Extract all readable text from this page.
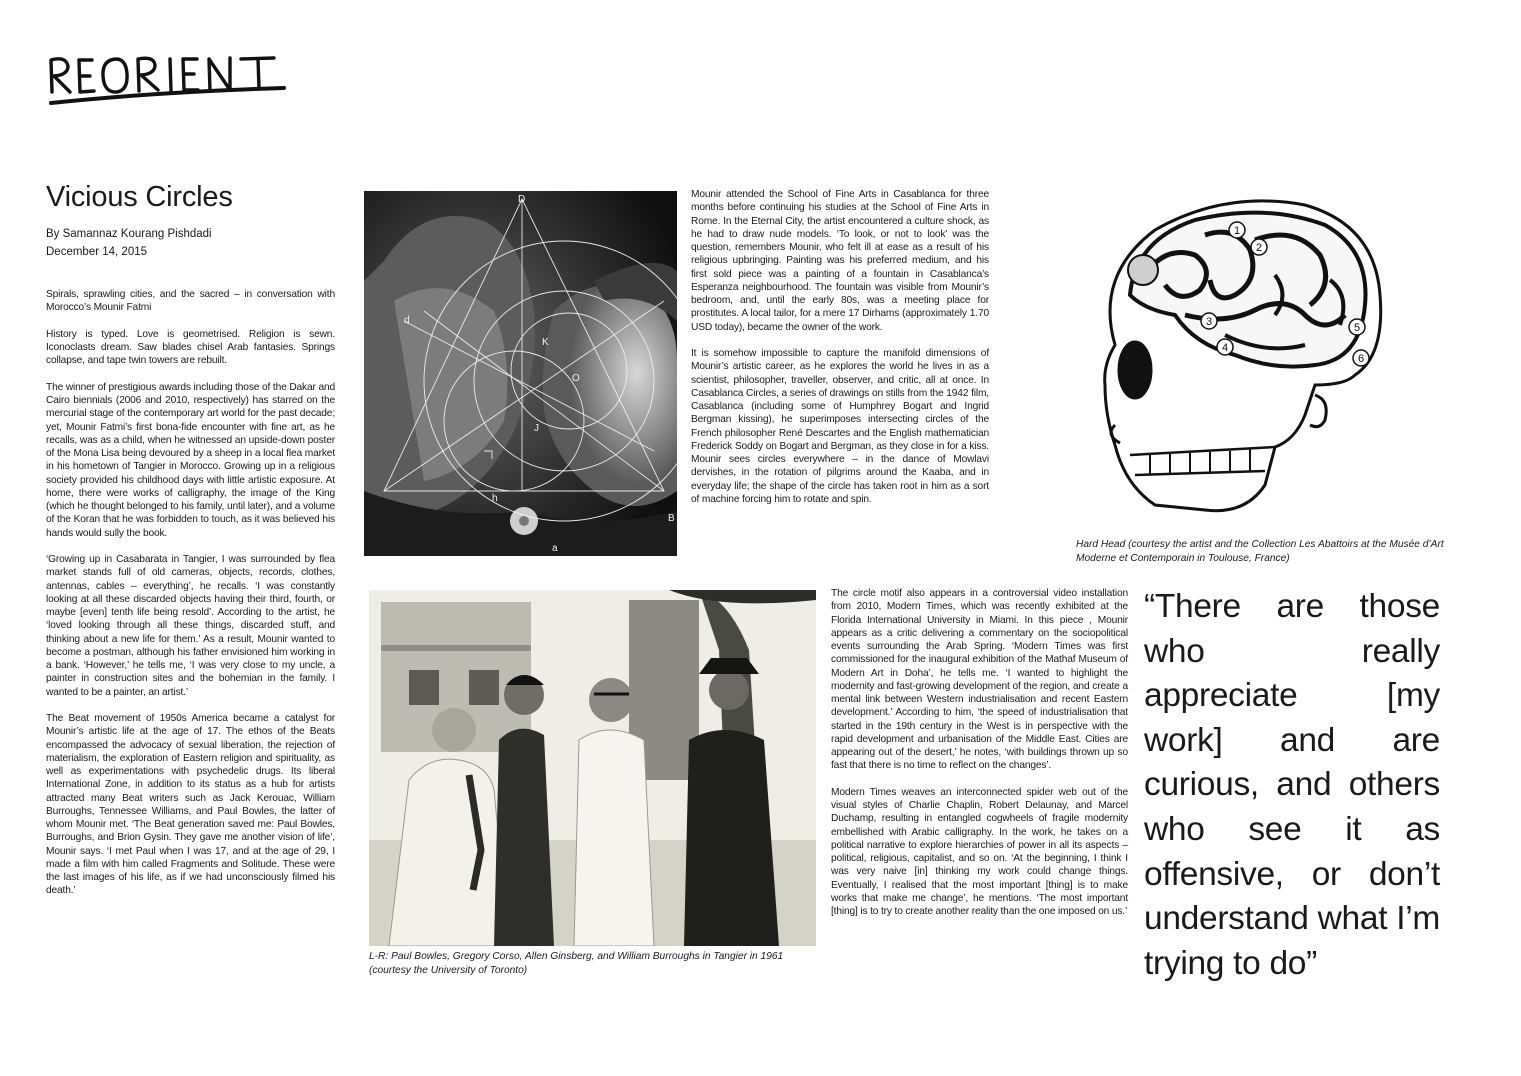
Vicious Circles
By Samannaz Kourang Pishdadi
December 14, 2015

Spirals, sprawling cities, and the sacred – in conversation with Morocco’s Mounir Fatmi

History is typed. Love is geometrised. Religion is sewn. Iconoclasts dream. Saw blades chisel Arab fantasies. Springs collapse, and tape twin towers are rebuilt.

The winner of prestigious awards including those of the Dakar and Cairo biennials (2006 and 2010, respectively) has starred on the mercurial stage of the contemporary art world for the past decade; yet, Mounir Fatmi’s first bona-fide encounter with fine art, as he recalls, was as a child, when he witnessed an upside-down poster of the Mona Lisa being devoured by a sheep in a local flea market in his hometown of Tangier in Morocco. Growing up in a religious society provided his childhood days with little artistic exposure. At home, there were works of calligraphy, the image of the King (which he thought belonged to his family, until later), and a volume of the Koran that he was forbidden to touch, as it was believed his hands would sully the book.

‘Growing up in Casabarata in Tangier, I was surrounded by flea market stands full of old cameras, objects, records, clothes, antennas, cables – everything’, he recalls. ‘I was constantly looking at all these discarded objects having their third, fourth, or maybe [even] tenth life being resold’. According to the artist, he ‘loved looking through all these things, discarded stuff, and thinking about a new life for them.’ As a result, Mounir wanted to become a postman, although his father envisioned him working in a bank. ‘However,’ he tells me, ‘I was very close to my uncle, a painter in construction sites and the bohemian in the family. I wanted to be a painter, an artist.’

The Beat movement of 1950s America became a catalyst for Mounir’s artistic life at the age of 17. The ethos of the Beats encompassed the advocacy of sexual liberation, the rejection of materialism, the exploration of Eastern religion and spirituality, as well as experimentations with psychedelic drugs. Its liberal International Zone, in addition to its status as a hub for artists attracted many Beat writers such as Jack Kerouac, William Burroughs, Tennessee Williams, and Paul Bowles, the latter of whom Mounir met. ‘The Beat generation saved me: Paul Bowles, Burroughs, and Brion Gysin. They gave me another vision of life’, Mounir says. ‘I met Paul when I was 17, and at the age of 29, I made a film with him called Fragments and Solitude. These were the last images of his life, as if we had unconsciously filmed his death.’

D
d
K
O
J
h
a
B

Mounir attended the School of Fine Arts in Casablanca for three months before continuing his studies at the School of Fine Arts in Rome. In the Eternal City, the artist encountered a culture shock, as he had to draw nude models. ‘To look, or not to look’ was the question, remembers Mounir, who felt ill at ease as a result of his religious upbringing. Painting was his preferred medium, and his first sold piece was a painting of a fountain in Casablanca’s Esperanza neighbourhood. The fountain was visible from Mounir’s bedroom, and, until the early 80s, was a meeting place for prostitutes. A local tailor, for a mere 17 Dirhams (approximately 1.70 USD today), became the owner of the work.

It is somehow impossible to capture the manifold dimensions of Mounir’s artistic career, as he explores the world he lives in as a scientist, philosopher, traveller, observer, and critic, all at once. In Casablanca Circles, a series of drawings on stills from the 1942 film, Casablanca (including some of Humphrey Bogart and Ingrid Bergman kissing), he superimposes intersecting circles of the French philosopher René Descartes and the English mathematician Frederick Soddy on Bogart and Bergman, as they close in for a kiss. Mounir sees circles everywhere – in the dance of Mowlavi dervishes, in the rotation of pilgrims around the Kaaba, and in everyday life; the shape of the circle has taken root in him as a sort of machine forcing him to rotate and spin.

1
2
3
4
5
6
Hard Head (courtesy the artist and the Collection Les Abattoirs at the Musée d’Art Moderne et Contemporain in Toulouse, France)
L-R: Paul Bowles, Gregory Corso, Allen Ginsberg, and William Burroughs in Tangier in 1961 (courtesy the University of Toronto)

The circle motif also appears in a controversial video installation from 2010, Modern Times, which was recently exhibited at the Florida International University in Miami. In this piece , Mounir appears as a critic delivering a commentary on the sociopolitical events surrounding the Arab Spring. ‘Modern Times was first commissioned for the inaugural exhibition of the Mathaf Museum of Modern Art in Doha’, he tells me. ‘I wanted to highlight the modernity and fast-growing development of the region, and create a mental link between Western industrialisation and recent Eastern development.’ According to him, ‘the speed of industrialisation that started in the 19th century in the West is in perspective with the rapid development and urbanisation of the Middle East. Cities are appearing out of the desert,’ he notes, ‘with buildings thrown up so fast that there is no time to reflect on the changes’.

Modern Times weaves an interconnected spider web out of the visual styles of Charlie Chaplin, Robert Delaunay, and Marcel Duchamp, resulting in entangled cogwheels of fragile modernity embellished with Arabic calligraphy. In the work, he takes on a political narrative to explore hierarchies of power in all its aspects – political, religious, capitalist, and so on. ‘At the beginning, I think I was very naive [in] thinking my work could change things. Eventually, I realised that the most important [thing] is to make works that make me change’, he mentions. ‘The most important [thing] is to try to create another reality than the one imposed on us.’

“There are those who really appreciate [my work] and are curious, and others who see it as offensive, or don’t understand what I’m trying to do”
